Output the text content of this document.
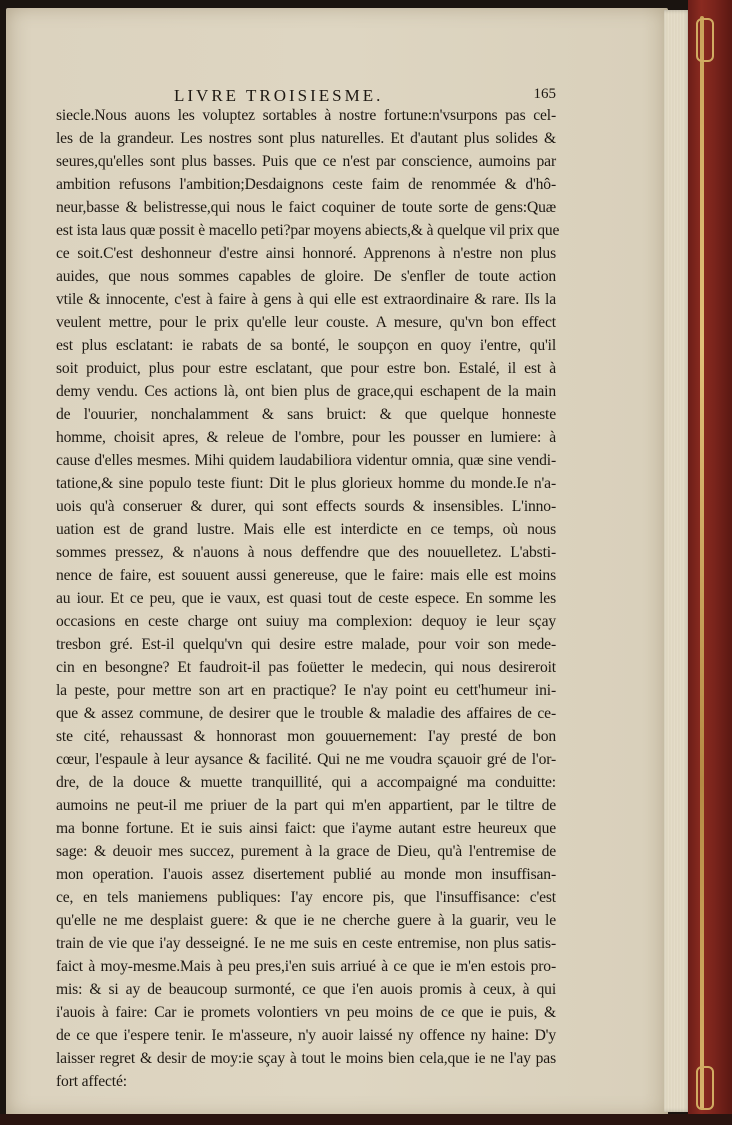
LIVRE TROISIESME.	165
siecle.Nous auons les voluptez sortables à nostre fortune:n'vsurpons pas cel-
les de la grandeur. Les nostres sont plus naturelles. Et d'autant plus solides &
seures,qu'elles sont plus basses. Puis que ce n'est par conscience, aumoins par
ambition refusons l'ambition;Desdaignons ceste faim de renommée & d'hô-
neur,basse & belistresse,qui nous le faict coquiner de toute sorte de gens:Quæ
est ista laus quæ possit è macello peti?par moyens abiects,& à quelque vil prix que
ce soit.C'est deshonneur d'estre ainsi honnoré. Apprenons à n'estre non plus
auides, que nous sommes capables de gloire. De s'enfler de toute action
vtile & innocente, c'est à faire à gens à qui elle est extraordinaire & rare. Ils la
veulent mettre, pour le prix qu'elle leur couste. A mesure, qu'vn bon effect
est plus esclatant: ie rabats de sa bonté, le soupçon en quoy i'entre, qu'il
soit produict, plus pour estre esclatant, que pour estre bon. Estalé, il est à
demy vendu. Ces actions là, ont bien plus de grace,qui eschapent de la main
de l'ouurier, nonchalamment & sans bruict: & que quelque honneste
homme, choisit apres, & releue de l'ombre, pour les pousser en lumiere: à
cause d'elles mesmes. Mihi quidem laudabiliora videntur omnia, quæ sine vendi-
tatione,& sine populo teste fiunt: Dit le plus glorieux homme du monde.Ie n'a-
uois qu'à conseruer & durer, qui sont effects sourds & insensibles. L'inno-
uation est de grand lustre. Mais elle est interdicte en ce temps, où nous
sommes pressez, & n'auons à nous deffendre que des nouuelletez. L'absti-
nence de faire, est souuent aussi genereuse, que le faire: mais elle est moins
au iour. Et ce peu, que ie vaux, est quasi tout de ceste espece. En somme les
occasions en ceste charge ont suiuy ma complexion: dequoy ie leur sçay
tresbon gré. Est-il quelqu'vn qui desire estre malade, pour voir son mede-
cin en besongne? Et faudroit-il pas foüetter le medecin, qui nous desireroit
la peste, pour mettre son art en practique? Ie n'ay point eu cett'humeur ini-
que & assez commune, de desirer que le trouble & maladie des affaires de ce-
ste cité, rehaussast & honnorast mon gouuernement: I'ay presté de bon
cœur, l'espaule à leur aysance & facilité. Qui ne me voudra sçauoir gré de l'or-
dre, de la douce & muette tranquillité, qui a accompaigné ma conduitte:
aumoins ne peut-il me priuer de la part qui m'en appartient, par le tiltre de
ma bonne fortune. Et ie suis ainsi faict: que i'ayme autant estre heureux que
sage: & deuoir mes succez, purement à la grace de Dieu, qu'à l'entremise de
mon operation. I'auois assez disertement publié au monde mon insuffisan-
ce, en tels maniemens publiques: I'ay encore pis, que l'insuffisance: c'est
qu'elle ne me desplaist guere: & que ie ne cherche guere à la guarir, veu le
train de vie que i'ay desseigné. Ie ne me suis en ceste entremise, non plus satis-
faict à moy-mesme.Mais à peu pres,i'en suis arriué à ce que ie m'en estois pro-
mis: & si ay de beaucoup surmonté, ce que i'en auois promis à ceux, à qui
i'auois à faire: Car ie promets volontiers vn peu moins de ce que ie puis, &
de ce que i'espere tenir. Ie m'asseure, n'y auoir laissé ny offence ny haine: D'y
laisser regret & desir de moy:ie sçay à tout le moins bien cela,que ie ne l'ay pas
fort affecté:
